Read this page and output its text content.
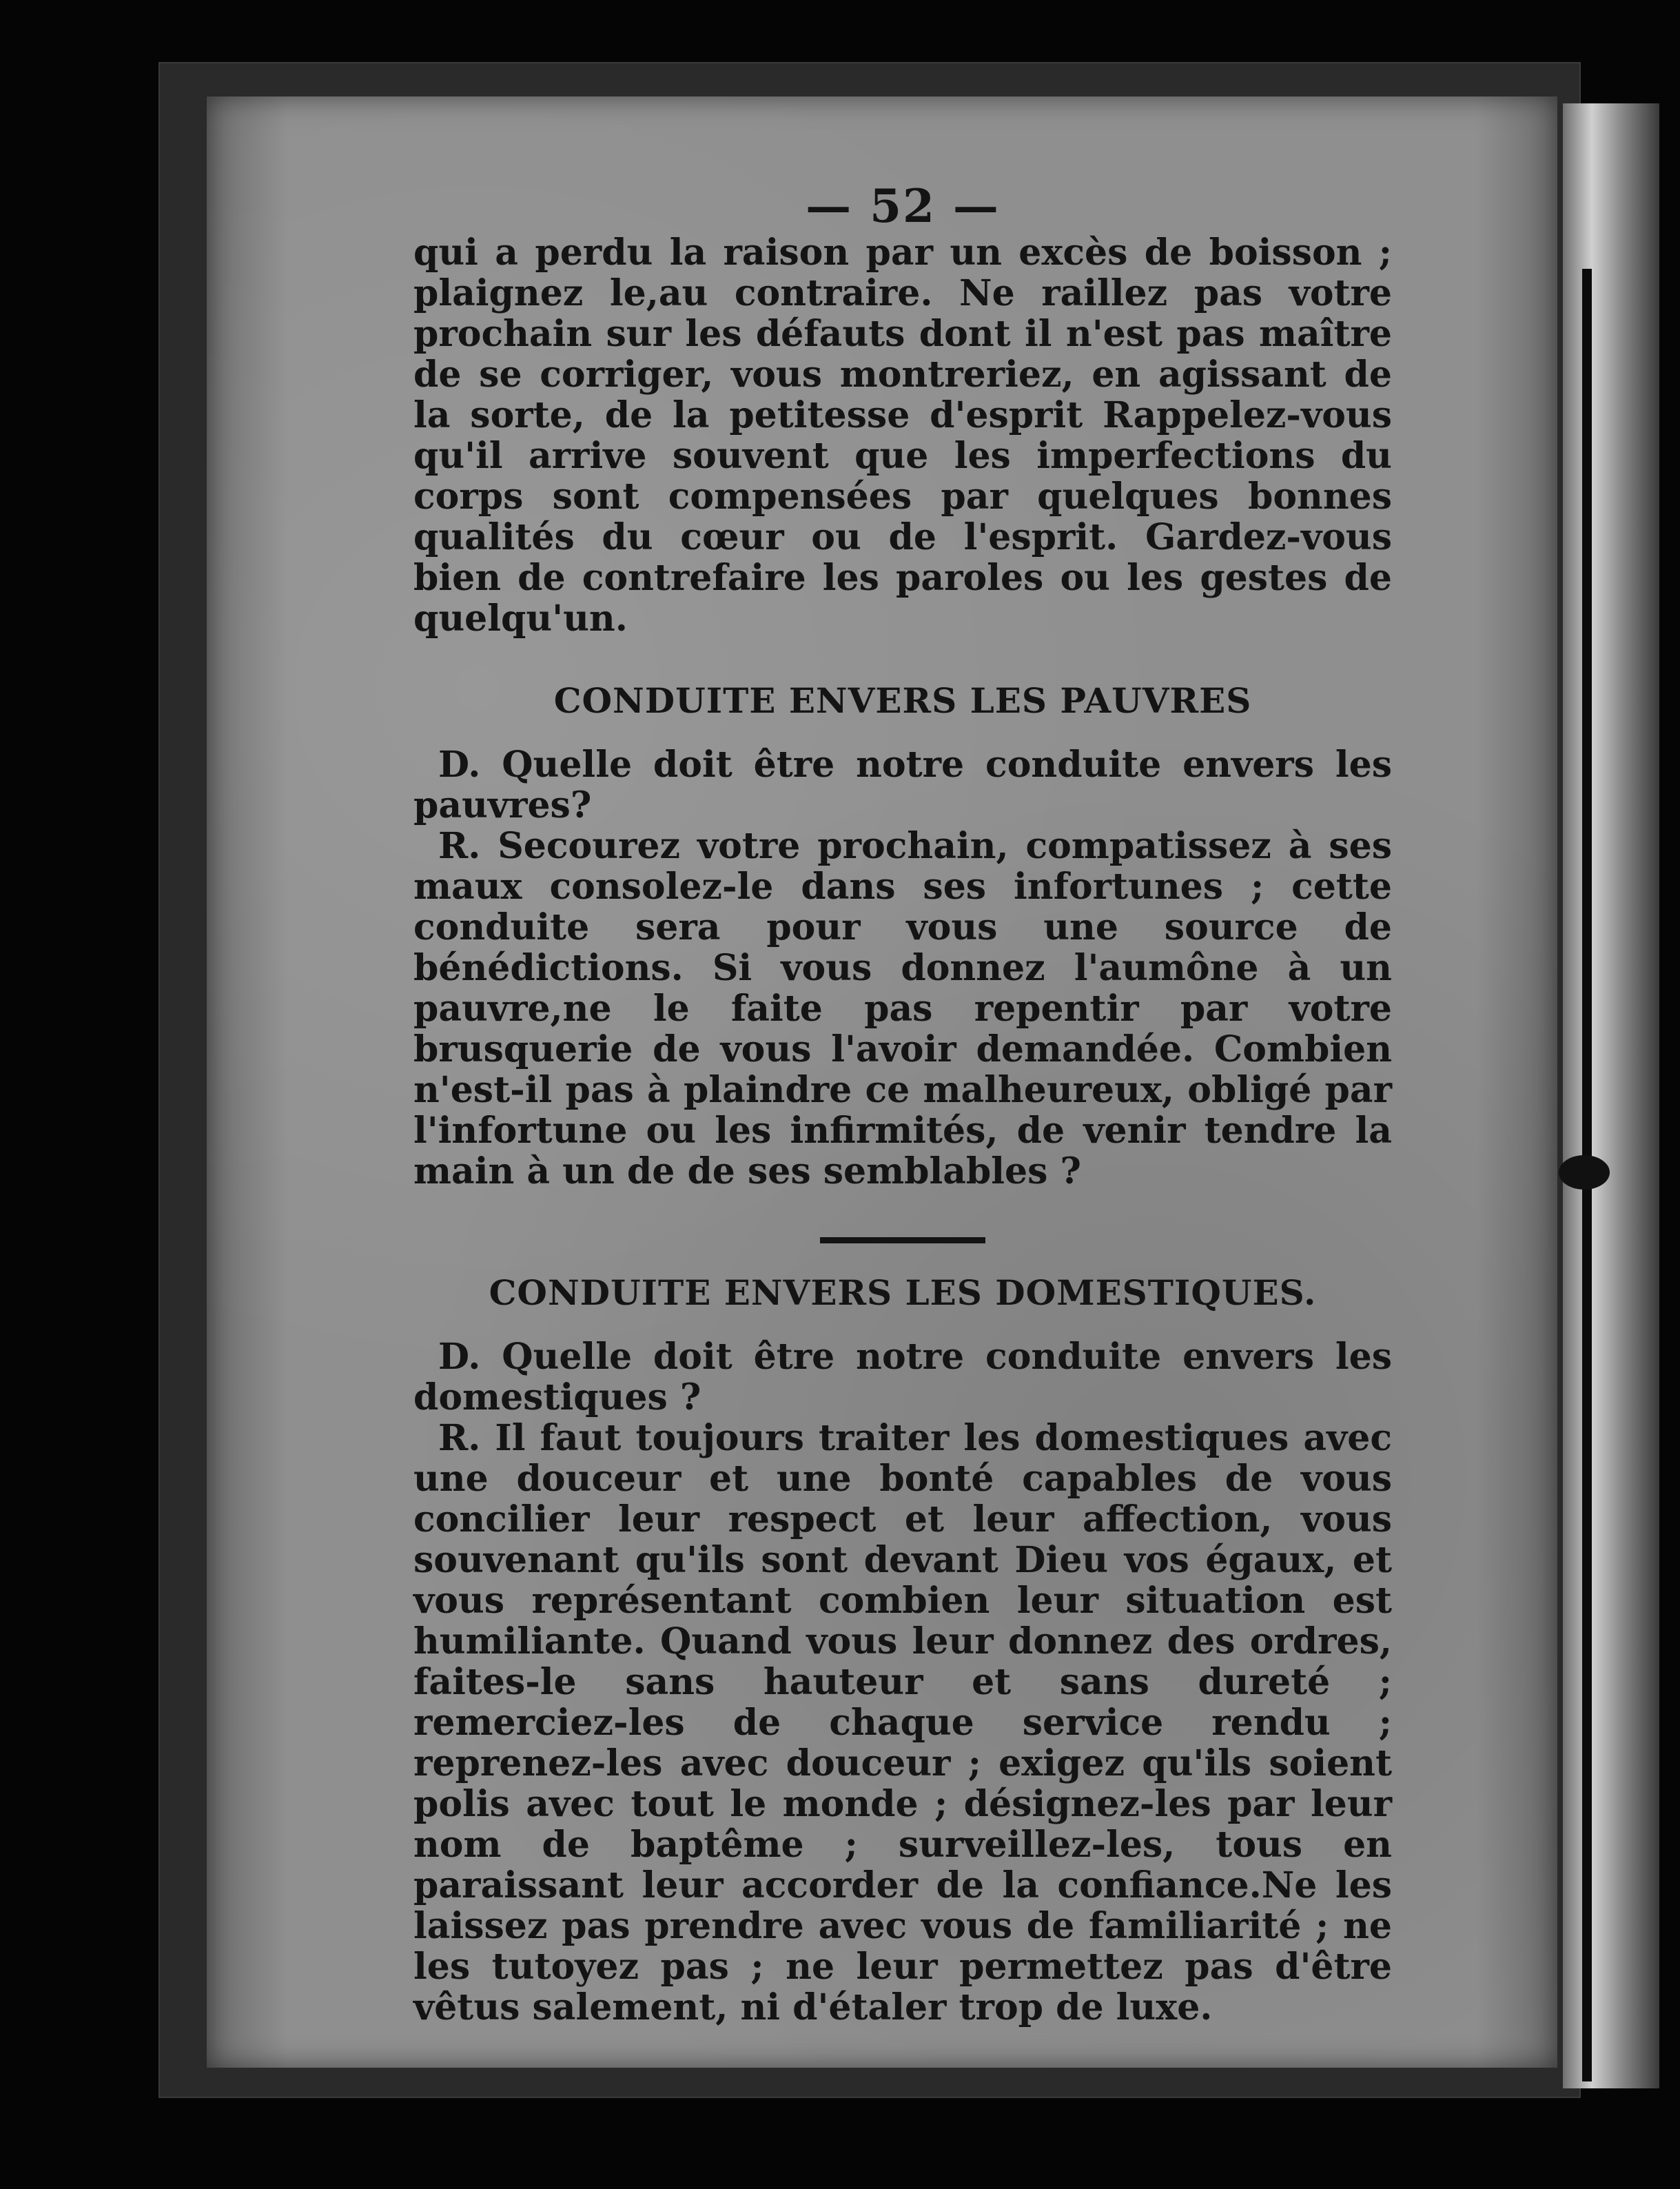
— 52 —

qui a perdu la raison par un excès de boisson ; plaignez le,au contraire. Ne raillez pas votre prochain sur les défauts dont il n'est pas maître de se corriger, vous montreriez, en agissant de la sorte, de la petitesse d'esprit Rappelez-vous qu'il arrive souvent que les imperfections du corps sont compensées par quelques bonnes qualités du cœur ou de l'esprit. Gardez-vous bien de contrefaire les paroles ou les gestes de quelqu'un.

CONDUITE ENVERS LES PAUVRES

D. Quelle doit être notre conduite envers les pauvres?

R. Secourez votre prochain, compatissez à ses maux consolez-le dans ses infortunes ; cette conduite sera pour vous une source de bénédictions. Si vous donnez l'aumône à un pauvre,ne le faite pas repentir par votre brusquerie de vous l'avoir demandée. Combien n'est-il pas à plaindre ce malheureux, obligé par l'infortune ou les infirmités, de venir tendre la main à un de de ses semblables ?

CONDUITE ENVERS LES DOMESTIQUES.

D. Quelle doit être notre conduite envers les domestiques ?

R. Il faut toujours traiter les domestiques avec une douceur et une bonté capables de vous concilier leur respect et leur affection, vous souvenant qu'ils sont devant Dieu vos égaux, et vous représentant combien leur situation est humiliante. Quand vous leur donnez des ordres, faites-le sans hauteur et sans dureté ; remerciez-les de chaque service rendu ; reprenez-les avec douceur ; exigez qu'ils soient polis avec tout le monde ; désignez-les par leur nom de baptême ; surveillez-les, tous en paraissant leur accorder de la confiance.Ne les laissez pas prendre avec vous de familiarité ; ne les tutoyez pas ; ne leur permettez pas d'être vêtus salement, ni d'étaler trop de luxe.
